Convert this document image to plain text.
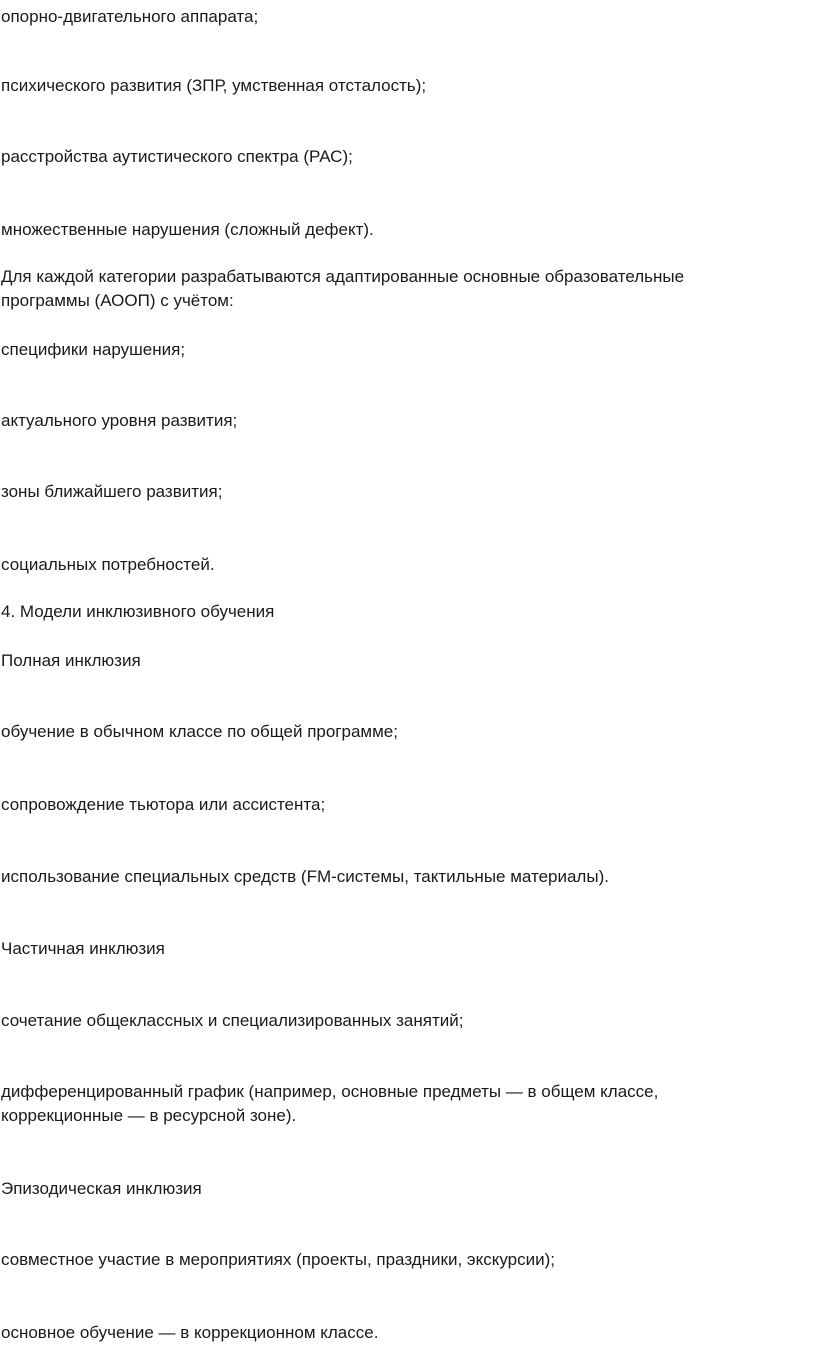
опорно-двигательного аппарата;

психического развития (ЗПР, умственная отсталость);

расстройства аутистического спектра (РАС);

множественные нарушения (сложный дефект).

Для каждой категории разрабатываются адаптированные основные образовательные программы (АООП) с учётом:

специфики нарушения;

актуального уровня развития;

зоны ближайшего развития;

социальных потребностей.

4. Модели инклюзивного обучения

Полная инклюзия

обучение в обычном классе по общей программе;

сопровождение тьютора или ассистента;

использование специальных средств (FM-системы, тактильные материалы).

Частичная инклюзия

сочетание общеклассных и специализированных занятий;

дифференцированный график (например, основные предметы — в общем классе, коррекционные — в ресурсной зоне).

Эпизодическая инклюзия

совместное участие в мероприятиях (проекты, праздники, экскурсии);

основное обучение — в коррекционном классе.
